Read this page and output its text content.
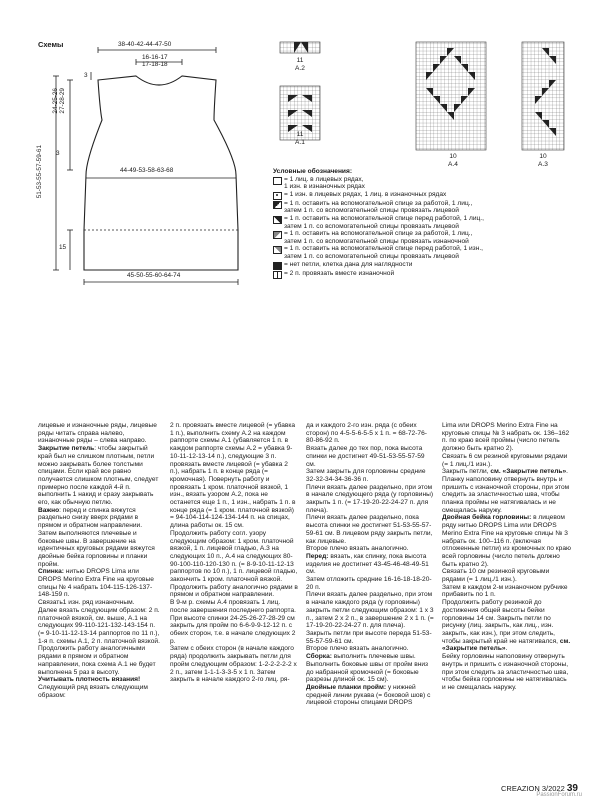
Схемы	38-40-42-44-47-50
16-16-17
17-18-18
3
24-25-26
27-28-29
3
44-49-53-58-63-68
51-53-55-57-59-61
15
45-50-55-60-64-74
11
A.2
11
A.1
10
A.4
10
A.3
Условные обозначения:
= 1 лиц. в лицевых рядах,
1 изн. в изнаночных рядах
= 1 изн. в лицевых рядах, 1 лиц. в изнаночных рядах
= 1 п. оставить на вспомогательной спице за работой, 1 лиц.,
затем 1 п. со вспомогательной спицы провязать лицевой
= 1 п. оставить на вспомогательной спице перед работой, 1 лиц.,
затем 1 п. со вспомогательной спицы провязать лицевой
= 1 п. оставить на вспомогательной спице за работой, 1 лиц.,
затем 1 п. со вспомогательной спицы провязать изнаночной
= 1 п. оставить на вспомогательной спице перед работой, 1 изн.,
затем 1 п. со вспомогательной спицы провязать лицевой
= нет петли, клетка дана для наглядности
= 2 п. провязать вместе изнаночной

лицевые и изнаночные ряды, лицевые ряды читать справа налево, изнаночные ряды – слева направо.

Закрытие петель: чтобы закрытый край был не слишком плотным, петли можно закрывать более толстыми спицами. Если край все равно получается слишком плотным, следует примерно после каждой 4-й п. выполнить 1 накид и сразу закрывать его, как обычную петлю.

Важно: перед и спинка вяжутся раздельно снизу вверх рядами в прямом и обратном направлении. Затем выполняются плечевые и боковые швы. В завершение на идентичных круговых рядами вяжутся двойные бейка горловины и планки пройм.

Спинка: нитью DROPS Lima или DROPS Merino Extra Fine на круговые спицы № 4 набрать 104-115-126-137-148-159 п.

Связать1 изн. ряд изнаночным.

Далее вязать следующим образом: 2 п. платочной вязкой, см. выше, А.1 на следующих 99-110-121-132-143-154 п. (= 9-10-11-12-13-14 раппортов по 11 п.), 1-я п. схемы А.1, 2 п. платочной вязкой. Продолжить работу аналогичными рядами в прямом и обратном направлении, пока схема А.1 не будет выполнена 5 раз в высоту.

Учитывать плотность вязания!

Следующий ряд вязать следующим образом:

2 п. провязать вместе лицевой (= убавка 1 п.), выполнить схему А.2 на каждом раппорте схемы А.1 (убавляется 1 п. в каждом раппорте схемы А.2 = убавка 9-10-11-12-13-14 п.), следующие 3 п. провязать вместе лицевой (= убавка 2 п.), набрать 1 п. в конце ряда (= кромочная). Повернуть работу и провязать 1 кром. платочной вязкой, 1 изн., вязать узором А.2, пока не останется еще 1 п., 1 изн., набрать 1 п. в конце ряда (= 1 кром. платочной вязкой) = 94-104-114-124-134-144 п. на спицах, длина работы ок. 15 см.

Продолжить работу согл. узору следующим образом: 1 кром. платочной вязкой, 1 п. лицевой гладью, А.3 на следующих 10 п., А.4 на следующих 80-90-100-110-120-130 п. (= 8-9-10-11-12-13 раппортов по 10 п.), 1 п. лицевой гладью, закончить 1 кром. платочной вязкой. Продолжить работу аналогично рядами в прямом и обратном направлении.

В 9-м р. схемы А.4 провязать 1 лиц. после завершения последнего раппорта.

При высоте спинки 24-25-26-27-28-29 см закрыть для пройм по 6-6-9-9-12-12 п. с обеих сторон, т.е. в начале следующих 2 р.

Затем с обеих сторон (в начале каждого ряда) продолжить закрывать петли для пройм следующим образом: 1-2-2-2-2-2 х 2 п., затем 1-1-1-3-3-5 х 1 п. Затем закрыть в начале каждого 2-го лиц. ря-

да и каждого 2-го изн. ряда (с обеих сторон) по 4-5-5-6-5-5 х 1 п. = 68-72-76-80-86-92 п.

Вязать далее до тех пор, пока высота спинки не достигнет 49-51-53-55-57-59 см.

Затем закрыть для горловины средние 32-32-34-34-36-36 п.

Плечи вязать далее раздельно, при этом в начале следующего ряда (у горловины) закрыть 1 п. (= 17-19-20-22-24-27 п. для плеча).

Плечи вязать далее раздельно, пока высота спинки не достигнет 51-53-55-57-59-61 см. В лицевом ряду закрыть петли, как лицевые.

Второе плечо вязать аналогично.

Перед: вязать, как спинку, пока высота изделия не достигнет 43-45-46-48-49-51 см.

Затем отложить средние 16-16-18-18-20-20 п.

Плечи вязать далее раздельно, при этом в начале каждого ряда (у горловины) закрыть петли следующим образом: 1 х 3 п., затем 2 х 2 п., в завершение 2 х 1 п. (= 17-19-20-22-24-27 п. для плеча).

Закрыть петли при высоте переда 51-53-55-57-59-61 см.

Второе плечо вязать аналогично.

Сборка: выполнить плечевые швы.

Выполнить боковые швы от пройм вниз до набранной кромочной (= боковые разрезы длиной ок. 15 см).

Двойные планки пройм: у нижней средней линии рукава (= боковой шов) с лицевой стороны спицами DROPS

Lima или DROPS Merino Extra Fine на круговые спицы № 3 набрать ок. 136–162 п. по краю всей проймы (число петель должно быть кратно 2).

Связать 6 см резиной круговыми рядами (= 1 лиц./1 изн.).

Закрыть петли, см. «Закрытие петель».

Планку наполовину отвернуть внутрь и пришить с изнаночной стороны, при этом следить за эластичностью шва, чтобы планка проймы не натягивалась и не смещалась наружу.

Двойная бейка горловины: в лицевом ряду нитью DROPS Lima или DROPS Merino Extra Fine на круговые спицы № 3 набрать ок. 100–116 п. (включая отложенные петли) из кромочных по краю всей горловины (число петель должно быть кратно 2).

Связать 10 см резинкой круговыми рядами (= 1 лиц./1 изн.).

Затем в каждом 2-м изнаночном рубчике прибавить по 1 п.

Продолжить работу резинкой до достижения общей высоты бейки горловины 14 см. Закрыть петли по рисунку (лиц. закрыть, как лиц., изн. закрыть, как изн.), при этом следить, чтобы закрытый край не натягивался, см. «Закрытие петель».

Бейку горловины наполовину отвернуть внутрь и пришить с изнаночной стороны, при этом следить за эластичностью шва, чтобы бейка горловины не натягивалась и не смещалась наружу.

CREAZION 3/2022 39
PassionForum.ru
